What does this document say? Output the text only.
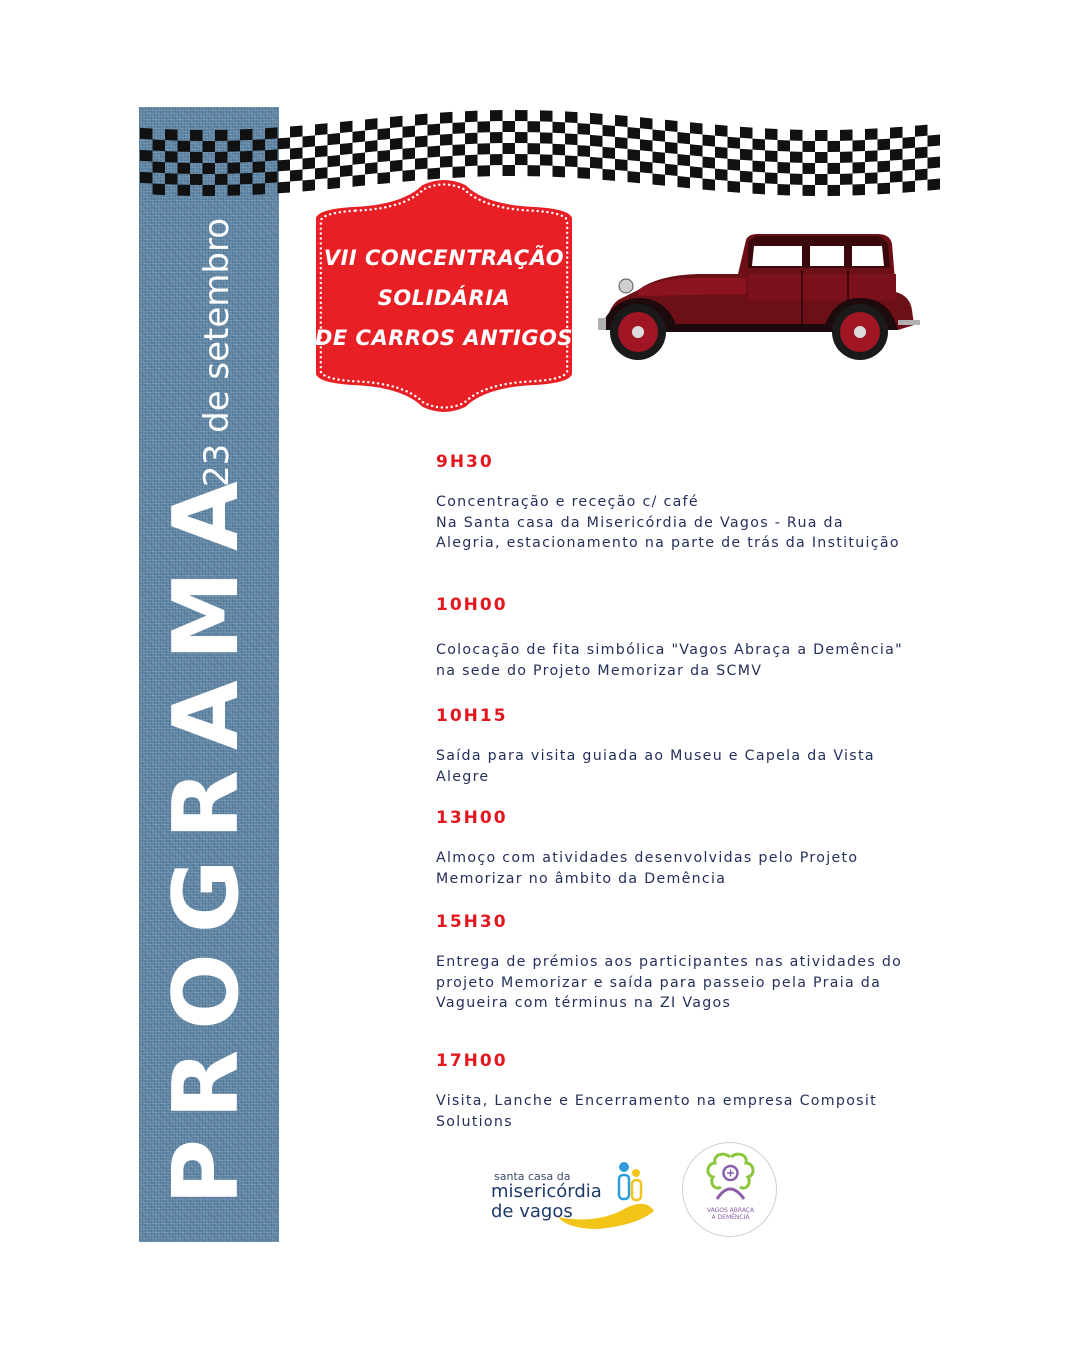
PROGRAMA
23 de setembro	VII CONCENTRAÇÃO
SOLIDÁRIA
DE CARROS ANTIGOS
9H30
Concentração e receção c/ café
Na Santa casa da Misericórdia de Vagos - Rua da Alegria, estacionamento na parte de trás da Instituição
10H00
Colocação de fita simbólica "Vagos Abraça a Demência" na sede do Projeto Memorizar da SCMV
10H15
Saída para visita guiada ao Museu e Capela da Vista Alegre
13H00
Almoço com atividades desenvolvidas pelo Projeto Memorizar no âmbito da Demência
15H30
Entrega de prémios aos participantes nas atividades do projeto Memorizar e saída para passeio pela Praia da Vagueira com términus na ZI Vagos
17H00
Visita, Lanche e Encerramento na empresa Composit Solutions
santa casa da
misericórdia
de vagos	VAGOS ABRAÇA
A DEMÊNCIA
